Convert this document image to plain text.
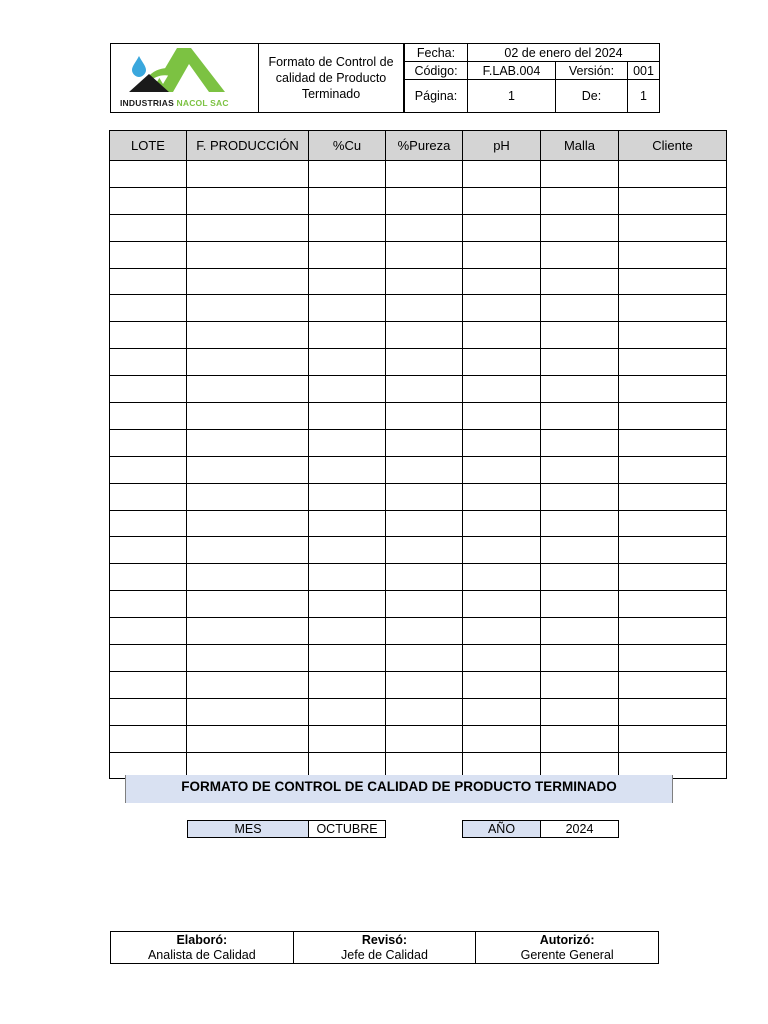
INDUSTRIAS NACOL SAC
Formato de Control de calidad de Producto Terminado
Fecha:	02 de enero del 2024		
Código:	F.LAB.004	Versión:	001
Página:	1	De:	1
LOTE	F. PRODUCCIÓN	%Cu	%Pureza	pH	Malla	Cliente

FORMATO DE CONTROL DE CALIDAD DE PRODUCTO TERMINADO
MES	OCTUBRE	AÑO	2024
Elaboró:
Analista de Calidad

Revisó:
Jefe de Calidad

Autorizó:
Gerente General
